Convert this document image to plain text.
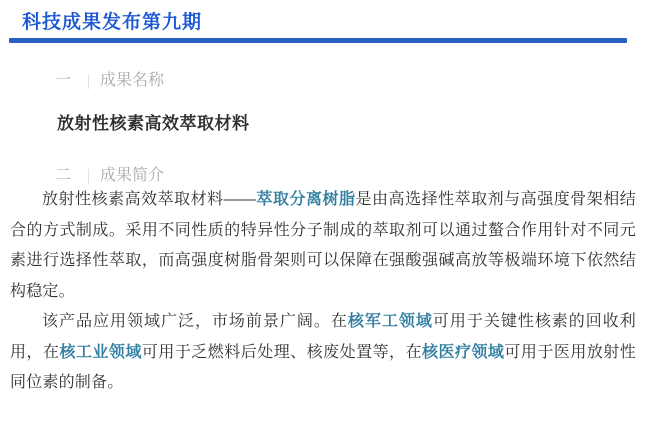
科技成果发布第九期
一	成果名称

放射性核素高效萃取材料

二	成果简介

放射性核素高效萃取材料——萃取分离树脂是由高选择性萃取剂与高强度骨架相结合的方式制成。采用不同性质的特异性分子制成的萃取剂可以通过螯合作用针对不同元素进行选择性萃取，而高强度树脂骨架则可以保障在强酸强碱高放等极端环境下依然结构稳定。

该产品应用领域广泛，市场前景广阔。在核军工领域可用于关键性核素的回收利用，在核工业领域可用于乏燃料后处理、核废处置等，在核医疗领域可用于医用放射性同位素的制备。
